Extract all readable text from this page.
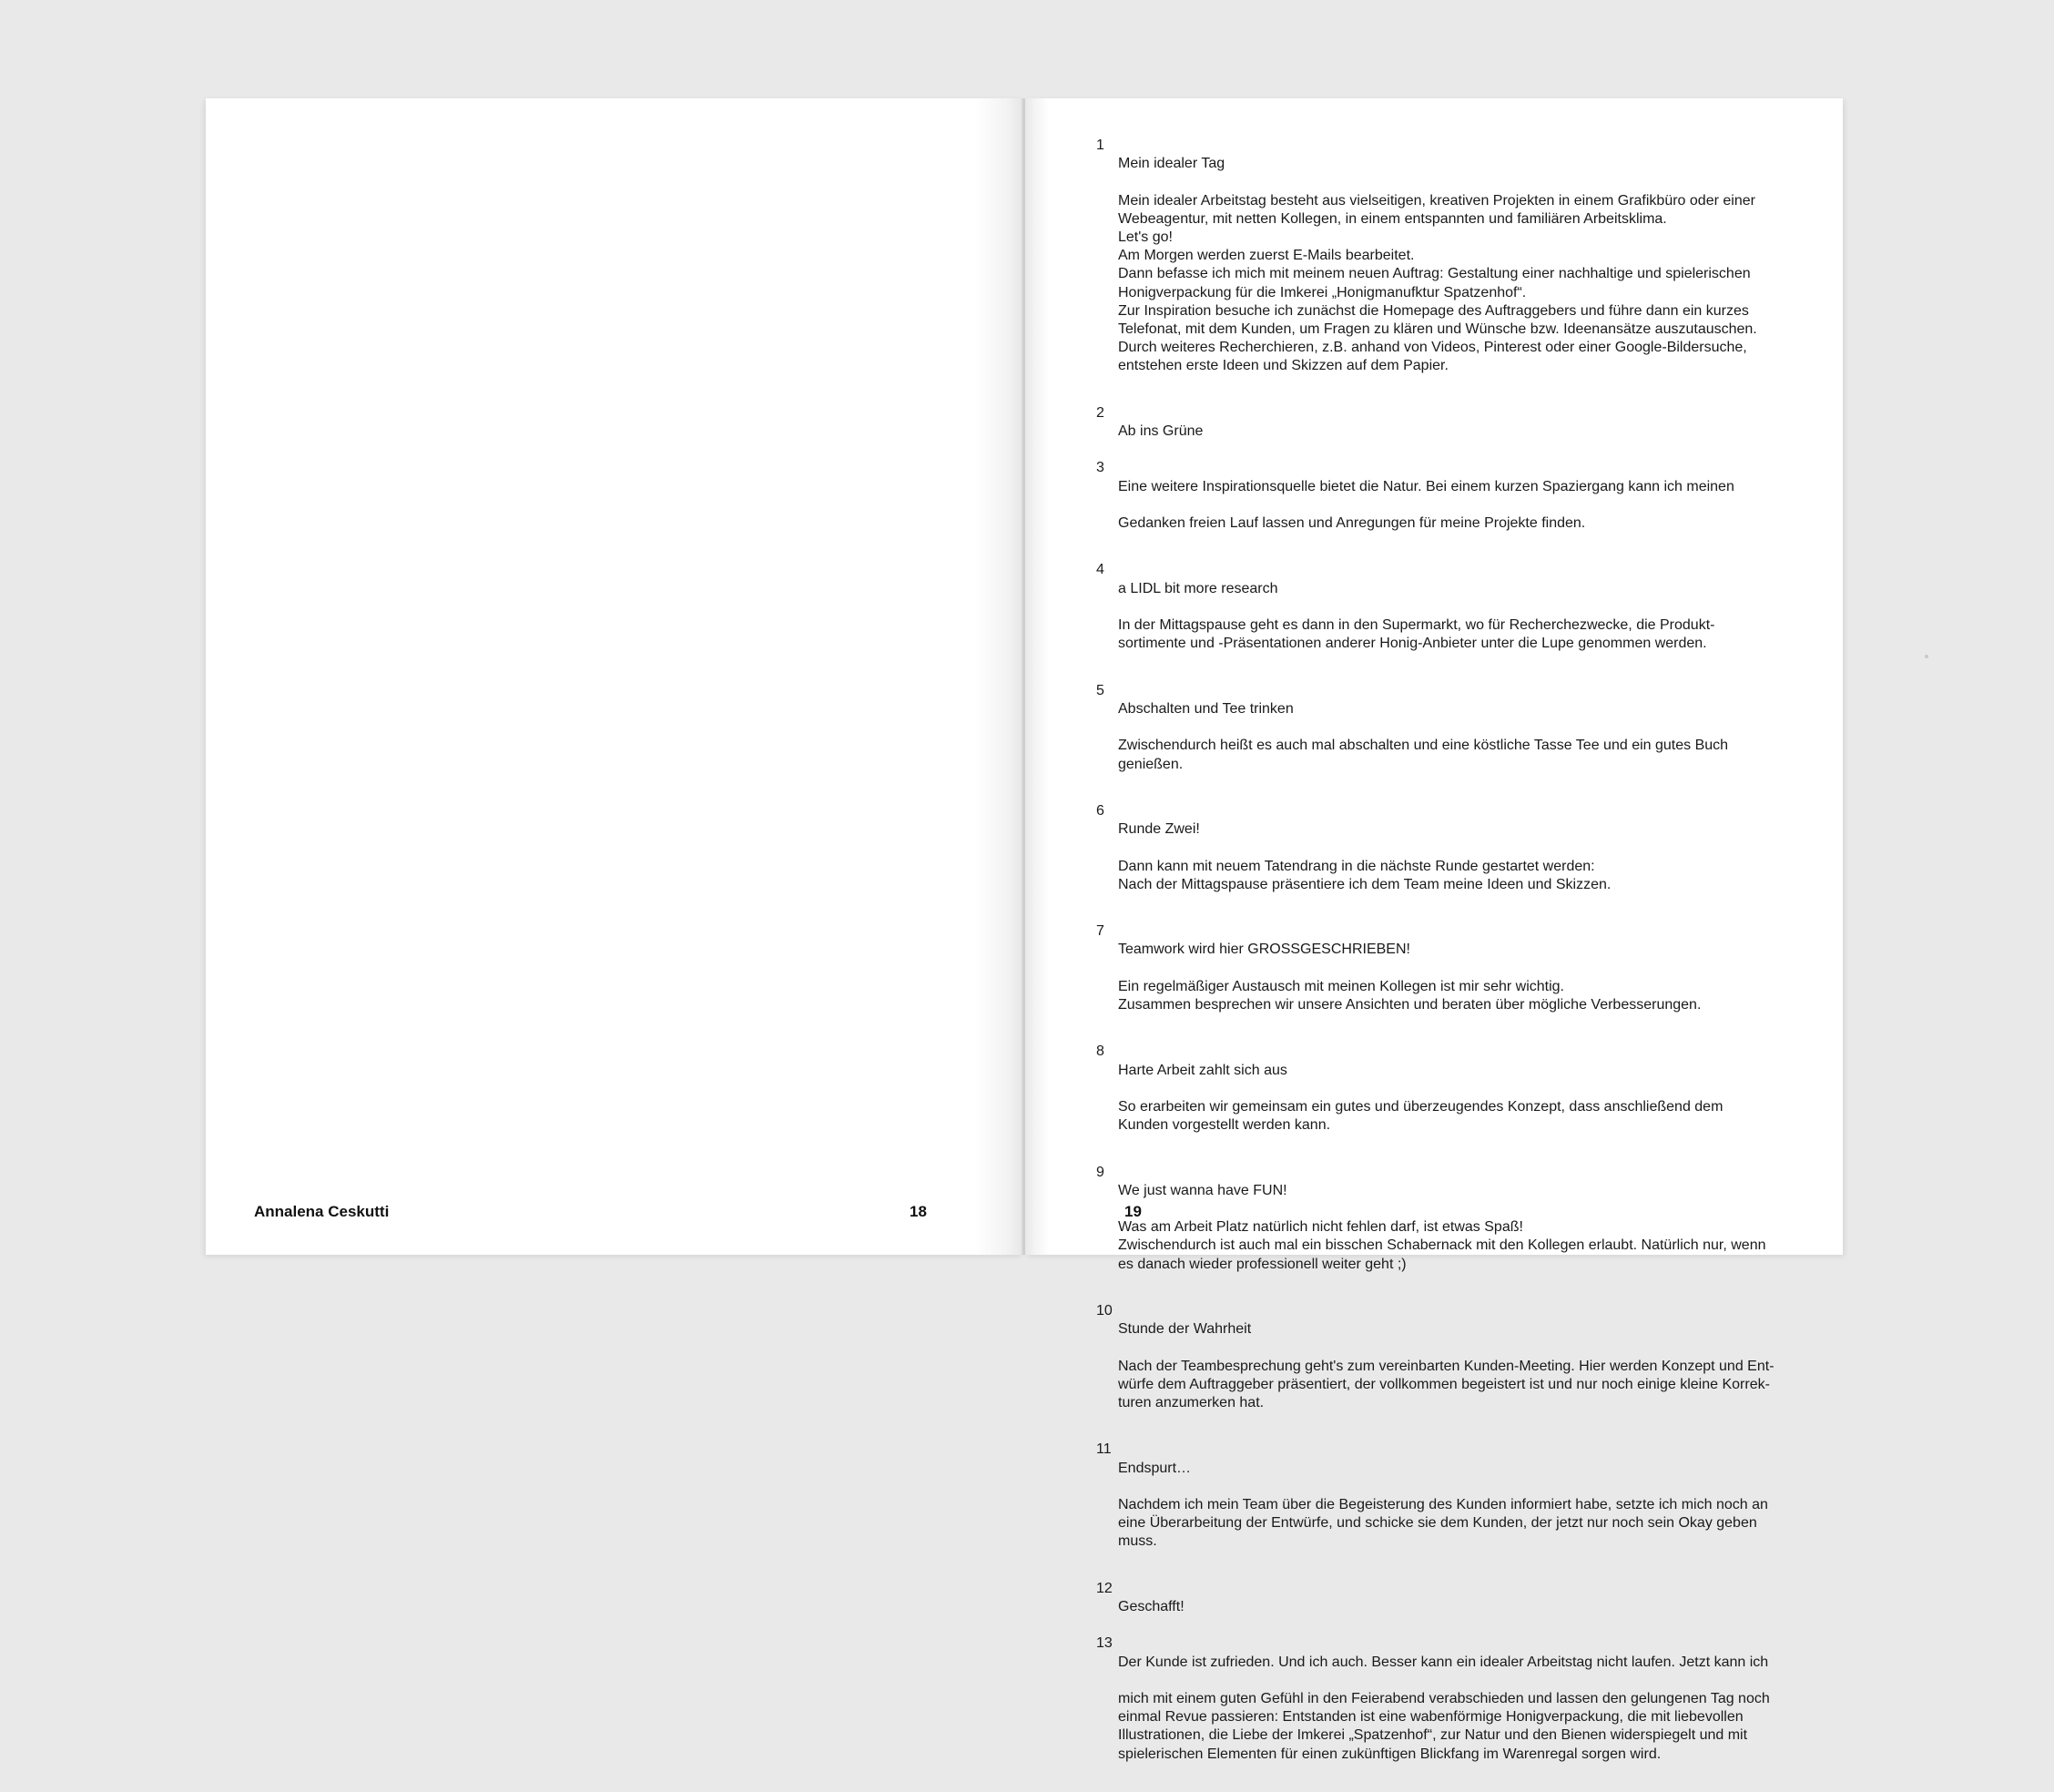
Annalena Ceskutti	18
1

Mein idealer Tag

Mein idealer Arbeitstag besteht aus vielseitigen, kreativen Projekten in einem Grafikbüro oder einer
Webeagentur, mit netten Kollegen, in einem entspannten und familiären Arbeitsklima.
Let's go!
Am Morgen werden zuerst E-Mails bearbeitet.
Dann befasse ich mich mit meinem neuen Auftrag: Gestaltung einer nachhaltige und spielerischen
Honigverpackung für die Imkerei „Honigmanufktur Spatzenhof“.
Zur Inspiration besuche ich zunächst die Homepage des Auftraggebers und führe dann ein kurzes
Telefonat, mit dem Kunden, um Fragen zu klären und Wünsche bzw. Ideenansätze auszutauschen.
Durch weiteres Recherchieren, z.B. anhand von Videos, Pinterest oder einer Google-Bildersuche,
entstehen erste Ideen und Skizzen auf dem Papier.

2

Ab ins Grüne

3

Eine weitere Inspirationsquelle bietet die Natur. Bei einem kurzen Spaziergang kann ich meinen

Gedanken freien Lauf lassen und Anregungen für meine Projekte finden.

4

a LIDL bit more research

In der Mittagspause geht es dann in den Supermarkt, wo für Recherchezwecke, die Produkt-
sortimente und -Präsentationen anderer Honig-Anbieter unter die Lupe genommen werden.

5

Abschalten und Tee trinken

Zwischendurch heißt es auch mal abschalten und eine köstliche Tasse Tee und ein gutes Buch
genießen.

6

Runde Zwei!

Dann kann mit neuem Tatendrang in die nächste Runde gestartet werden:
Nach der Mittagspause präsentiere ich dem Team meine Ideen und Skizzen.

7

Teamwork wird hier GROSSGESCHRIEBEN!

Ein regelmäßiger Austausch mit meinen Kollegen ist mir sehr wichtig.
Zusammen besprechen wir unsere Ansichten und beraten über mögliche Verbesserungen.

8

Harte Arbeit zahlt sich aus

So erarbeiten wir gemeinsam ein gutes und überzeugendes Konzept, dass anschließend dem
Kunden vorgestellt werden kann.

9

We just wanna have FUN!

Was am Arbeit Platz natürlich nicht fehlen darf, ist etwas Spaß!
Zwischendurch ist auch mal ein bisschen Schabernack mit den Kollegen erlaubt. Natürlich nur, wenn
es danach wieder professionell weiter geht ;)

10

Stunde der Wahrheit

Nach der Teambesprechung geht's zum vereinbarten Kunden-Meeting. Hier werden Konzept und Ent-
würfe dem Auftraggeber präsentiert, der vollkommen begeistert ist und nur noch einige kleine Korrek-
turen anzumerken hat.

11

Endspurt…

Nachdem ich mein Team über die Begeisterung des Kunden informiert habe, setzte ich mich noch an
eine Überarbeitung der Entwürfe, und schicke sie dem Kunden, der jetzt nur noch sein Okay geben
muss.

12

Geschafft!

13

Der Kunde ist zufrieden. Und ich auch. Besser kann ein idealer Arbeitstag nicht laufen. Jetzt kann ich

mich mit einem guten Gefühl in den Feierabend verabschieden und lassen den gelungenen Tag noch
einmal Revue passieren: Entstanden ist eine wabenförmige Honigverpackung, die mit liebevollen
Illustrationen, die Liebe der Imkerei „Spatzenhof“, zur Natur und den Bienen widerspiegelt und mit
spielerischen Elementen für einen zukünftigen Blickfang im Warenregal sorgen wird.

19
